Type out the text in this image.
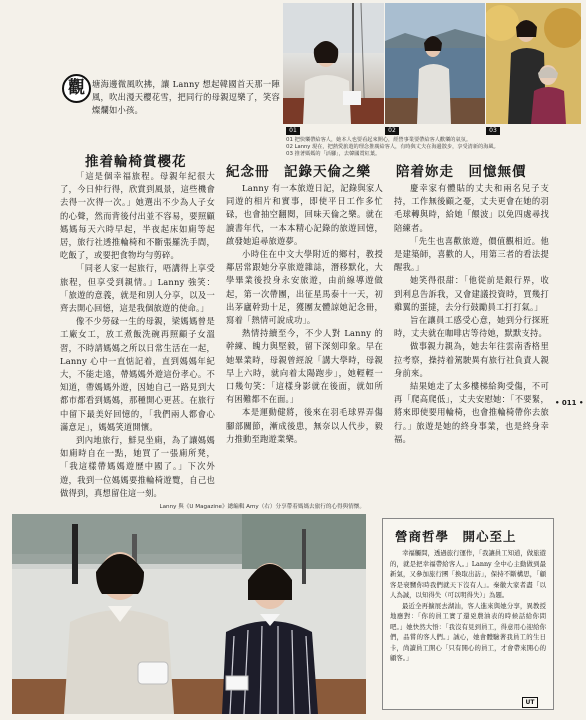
01	02	03
01 把快樂帶給客人，她本人也要看起來開心，經營事業要帶給客人歡樂的氣氛。
02 Lanny 現在，把熱愛旅遊的理念推廣給客人，有時與丈夫在海邊散步，享受清新的海風。
03 推著媽媽的「活腳」，去韓國賞紅葉。
觀 塘海邊微風吹拂，讓 Lanny 想起韓國首天那一陣風，吹出漫天櫻花雪，把同行的母親逗樂了，笑容燦爛如小孩。
推着輪椅賞櫻花

「這是個幸福旅程。母親年紀很大了，今日仲行得，欣賞到風景，這些機會去得一次得一次。」她選出不少為人子女的心聲，然而背後付出並不容易，要照顧媽媽每天六時早起，半夜起床如廁等起居，旅行社透推輪椅和不斷張羅洗手間，吃飯了，或要把食物均勻剪碎。

「同老人家一起旅行，唔講得上享受旅程，但享受到親情。」Lanny 強笑：「旅遊的意義，就是和別人分享，以及一齊去開心回憶，這是我個旅遊的使命。」

像不少勞碌一生的母親，梁媽媽曾是工廠女工，放工煮飯洗碗再照顧子女溫習，不時請媽媽之所以日常生活在一起，Lanny 心中一直惦記着，直到媽媽年紀大，不能走遠，帶媽媽外遊這份孝心。不知道，帶媽媽外遊，因她自己一路見到大都市都看到媽媽，那種開心更甚。在旅行中留下最美好回憶的，「我們兩人都會心滿意足」，媽媽笑道開懷。

到內地旅行，鮮見坐廁，為了讓媽媽如廁時自在一點，她買了一張廁所凳，「我這樣帶媽媽遊歷中國了。」下次外遊，我到一位媽媽要推輪椅遊覽，自己也做得到，真想留住這一刻。

紀念冊　記錄天倫之樂

Lanny 有一本旅遊日記，記錄與家人同遊的相片和實事，即使平日工作多忙碌，也會抽空翻閱，回味天倫之樂。就在讀書年代，一本本精心記錄的旅遊回憶，啟發她追尋旅遊夢。

小時住在中文大學附近的鄉村，教授鄰居常跟她分享旅遊雜誌，潛移默化，大學畢業後投身永安旅遊，由前線導遊做起，第一次帶團，出征星馬泰十一天，初出茅廬幹勁十足，獲團友體諒她記念冊，寫着「熱情可說成功」。

熱情持續至今，不少人對 Lanny 的幹練、魄力與堅毅，留下深刻印象。早在她畢業時，母親曾經說「講大學時，母親早上六時，就向着太陽跑步」，她輕輕一口幾句笑：「這樣身影就在後面，就如所有困難都不在面。」

本是運動健將，後來在羽毛球界弄傷腳部關節，漸成後患，無奈以人代步，毅力推動至跑遊業樂。

陪着妳走　回憶無價

慶幸家有體貼的丈夫和兩名兒子支持，工作無後顧之憂，丈夫更會在她的羽毛球轉與時，給她「餵波」以免四處尋找陪練者。

「先生也喜歡旅遊，價值觀相近。他是建築師，喜歡的人，用第三者的看法提醒我。」

她笑得很甜：「他從前是銀行界，收到利息告訴我，又會建議投資時，買幾打雞翼的蛋撻，去分行鼓勵員工打打氣。」

旨在讓員工感受心意，她到分行探班時，丈夫就在咖啡店等待她，默默支持。

做事親力親為，她去年往雲南香格里拉考察，操持着駕駛異有旅行社負責人親身前來。

結果她走了太多樓梯給夠受傷，不可再「爬高爬低」，丈夫安慰她：「不要緊，將來即使要用輪椅，也會推輪椅帶你去旅行。」旅遊是她的終身事業，也是終身幸福。

• 011 •
Lanny 與《U Magazine》總編輯 Amy（右）分享帶着媽媽去旅行的心得與情懷。
營商哲學　開心至上

幸福觸問，透過旅行運作，「我讓員工知道，做旅遊的，就是把幸福帶給客人。」Lanny 全中心主動做到最新氣，又參加旅行團「換取出訪」，保持不斷構思，「顧客是衰嬲你時我們就天下沒有人」。秦徽大家者盡「以人為誠，以知得失（可以明得失）」為題。

最近全再擴展去湖汕，客人進來與她分享，異教授地應對：「你的員工實了還兇農油表的時候話給你問吧。」她快然大悟：「我沒有見到員工，得意用心迎給你們，品嘗的客人們。」誠心，她會體驗著我員工的生日卡，尚讀員工開心「只有開心的員工，才會帶來開心的顧客。」

UT
